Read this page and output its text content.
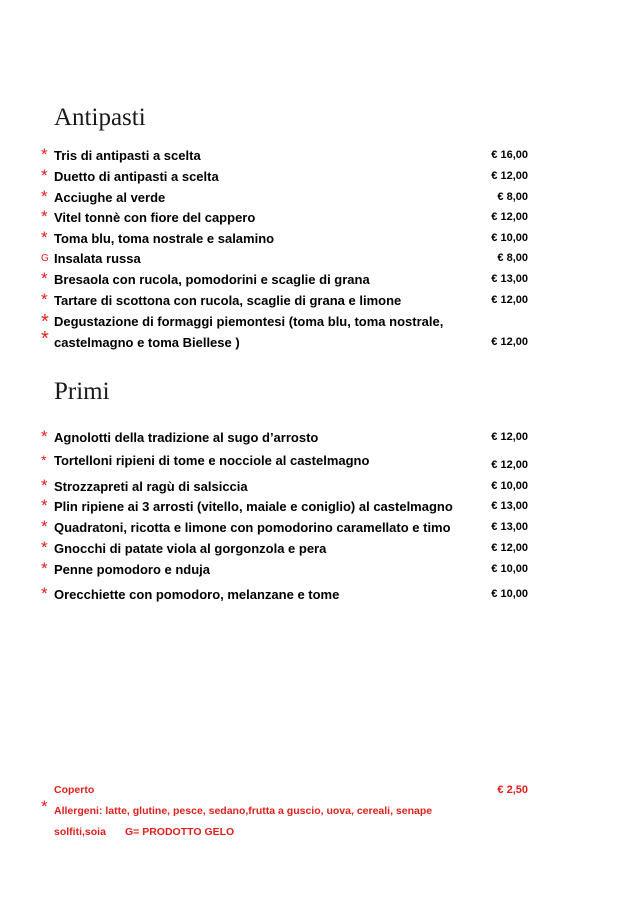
Antipasti
* Tris di antipasti a scelta	€ 16,00
* Duetto di antipasti a scelta	€ 12,00
* Acciughe al verde	€ 8,00
* Vitel tonnè con fiore del cappero	€ 12,00
* Toma blu, toma nostrale e salamino	€ 10,00
G Insalata russa	€ 8,00
* Bresaola con rucola, pomodorini e scaglie di grana	€ 13,00
* Tartare di scottona con rucola, scaglie di grana e limone	€ 12,00
* Degustazione di formaggi piemontesi (toma blu, toma nostrale,
* castelmagno e toma Biellese )	€ 12,00
Primi
* Agnolotti della tradizione al sugo d’arrosto	€ 12,00
* Tortelloni ripieni di tome e nocciole al castelmagno	€ 12,00
* Strozzapreti al ragù di salsiccia	€ 10,00
* Plin ripiene ai 3 arrosti (vitello, maiale e coniglio) al castelmagno	€ 13,00
* Quadratoni, ricotta e limone con pomodorino caramellato e timo	€ 13,00
* Gnocchi di patate viola al gorgonzola e pera	€ 12,00
* Penne pomodoro e nduja	€ 10,00
* Orecchiette con pomodoro, melanzane e tome	€ 10,00
Coperto	€ 2,50
* Allergeni: latte, glutine, pesce, sedano,frutta a guscio, uova, cereali, senape
solfiti,soia G= PRODOTTO GELO
